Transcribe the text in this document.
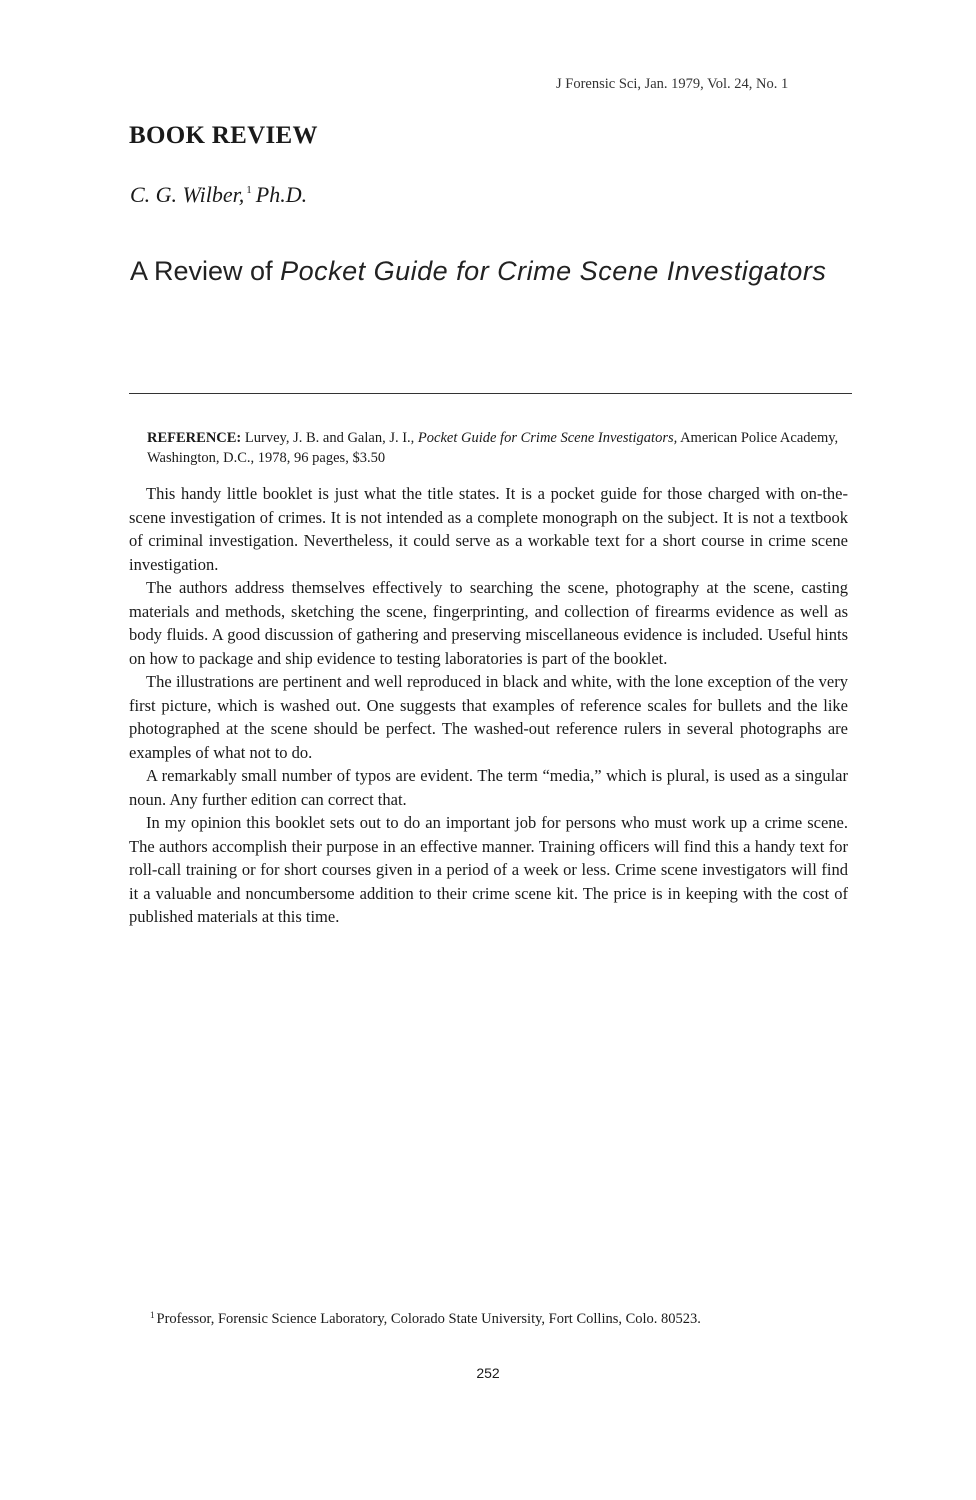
J Forensic Sci, Jan. 1979, Vol. 24, No. 1
BOOK REVIEW
C. G. Wilber, $^1$ Ph.D.
A Review of Pocket Guide for Crime Scene Investigators
REFERENCE: Lurvey, J. B. and Galan, J. I., Pocket Guide for Crime Scene Investigators, American Police Academy, Washington, D.C., 1978, 96 pages, $3.50

This handy little booklet is just what the title states. It is a pocket guide for those charged with on-the-scene investigation of crimes. It is not intended as a complete monograph on the subject. It is not a textbook of criminal investigation. Nevertheless, it could serve as a workable text for a short course in crime scene investigation.

The authors address themselves effectively to searching the scene, photography at the scene, casting materials and methods, sketching the scene, fingerprinting, and collection of firearms evidence as well as body fluids. A good discussion of gathering and preserving miscellaneous evidence is included. Useful hints on how to package and ship evidence to testing laboratories is part of the booklet.

The illustrations are pertinent and well reproduced in black and white, with the lone exception of the very first picture, which is washed out. One suggests that examples of reference scales for bullets and the like photographed at the scene should be perfect. The washed-out reference rulers in several photographs are examples of what not to do.

A remarkably small number of typos are evident. The term “media,” which is plural, is used as a singular noun. Any further edition can correct that.

In my opinion this booklet sets out to do an important job for persons who must work up a crime scene. The authors accomplish their purpose in an effective manner. Training officers will find this a handy text for roll-call training or for short courses given in a period of a week or less. Crime scene investigators will find it a valuable and noncumbersome addition to their crime scene kit. The price is in keeping with the cost of published materials at this time.

$^1$ Professor, Forensic Science Laboratory, Colorado State University, Fort Collins, Colo. 80523.
252
